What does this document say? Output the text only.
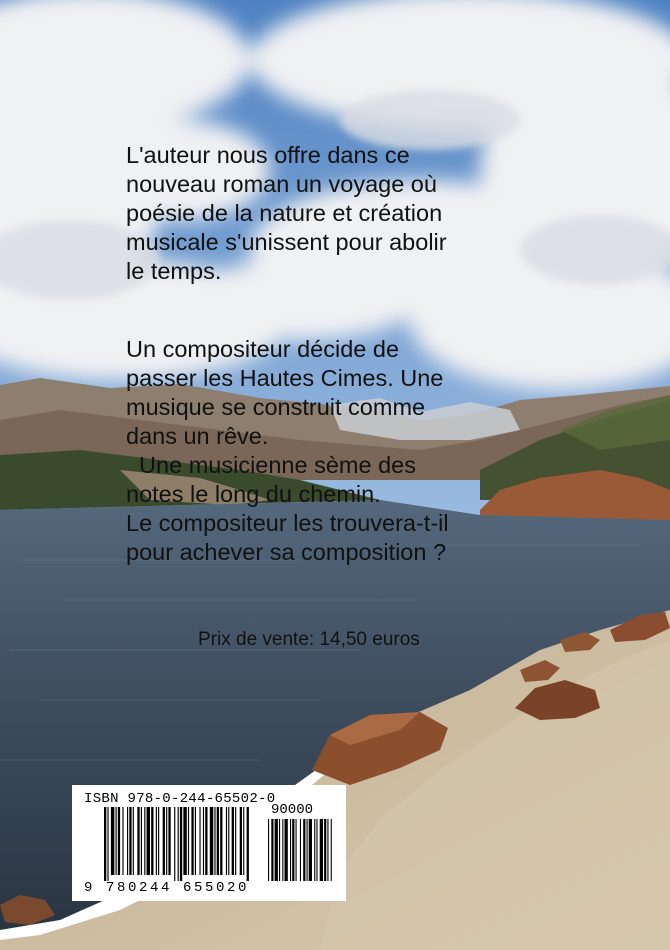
L'auteur nous offre dans ce
nouveau roman un voyage où
poésie de la nature et création
musicale s'unissent pour abolir
le temps.

Un compositeur décide de
passer les Hautes Cimes. Une
musique se construit comme
dans un rêve.
Une musicienne sème des
notes le long du chemin.
Le compositeur les trouvera-t-il
pour achever sa composition ?

Prix de vente: 14,50 euros
ISBN 978-0-244-65502-0
90000
9 780244 655020
